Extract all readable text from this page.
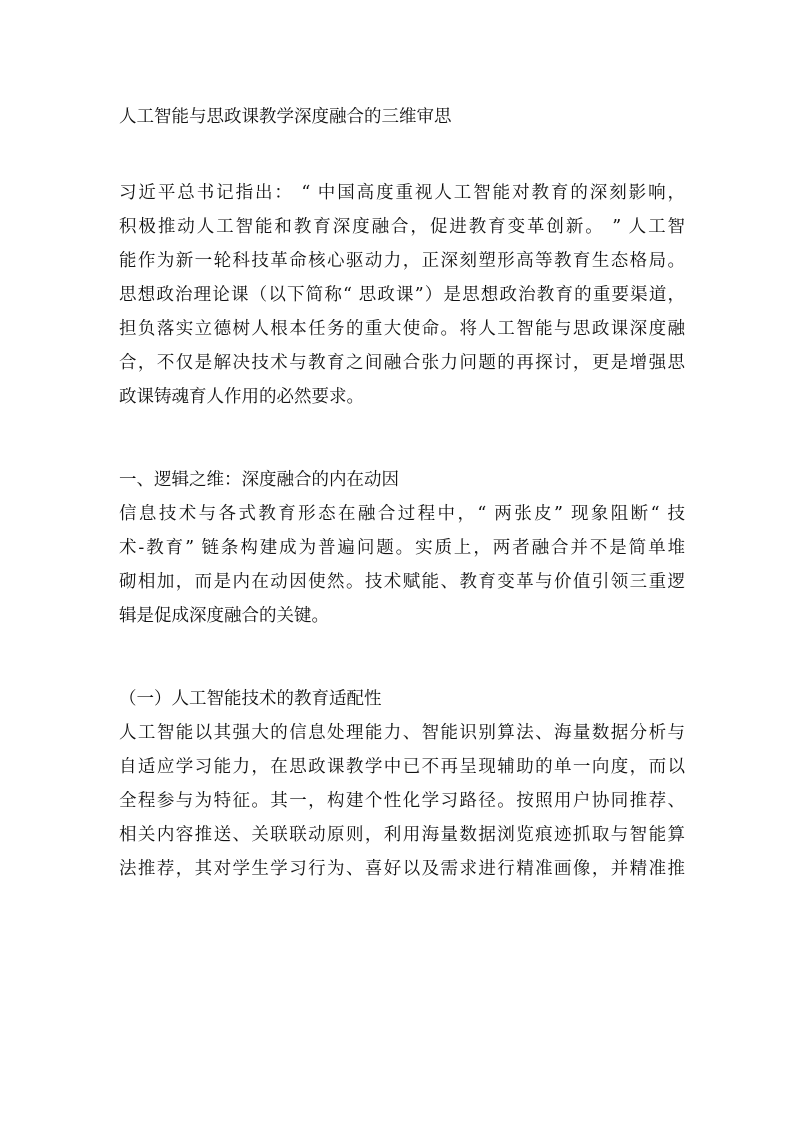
人工智能与思政课教学深度融合的三维审思
习近平总书记指出： “ 中国高度重视人工智能对教育的深刻影响，
积极推动人工智能和教育深度融合，促进教育变革创新。 ” 人工智
能作为新一轮科技革命核心驱动力，正深刻塑形高等教育生态格局。
思想政治理论课（以下简称“ 思政课”）是思想政治教育的重要渠道，
担负落实立德树人根本任务的重大使命。将人工智能与思政课深度融
合，不仅是解决技术与教育之间融合张力问题的再探讨，更是增强思
政课铸魂育人作用的必然要求。
一、逻辑之维：深度融合的内在动因
信息技术与各式教育形态在融合过程中，“ 两张皮” 现象阻断“ 技
术-教育” 链条构建成为普遍问题。实质上，两者融合并不是简单堆
砌相加，而是内在动因使然。技术赋能、教育变革与价值引领三重逻
辑是促成深度融合的关键。
（一）人工智能技术的教育适配性
人工智能以其强大的信息处理能力、智能识别算法、海量数据分析与
自适应学习能力，在思政课教学中已不再呈现辅助的单一向度，而以
全程参与为特征。其一，构建个性化学习路径。按照用户协同推荐、
相关内容推送、关联联动原则，利用海量数据浏览痕迹抓取与智能算
法推荐，其对学生学习行为、喜好以及需求进行精准画像，并精准推
